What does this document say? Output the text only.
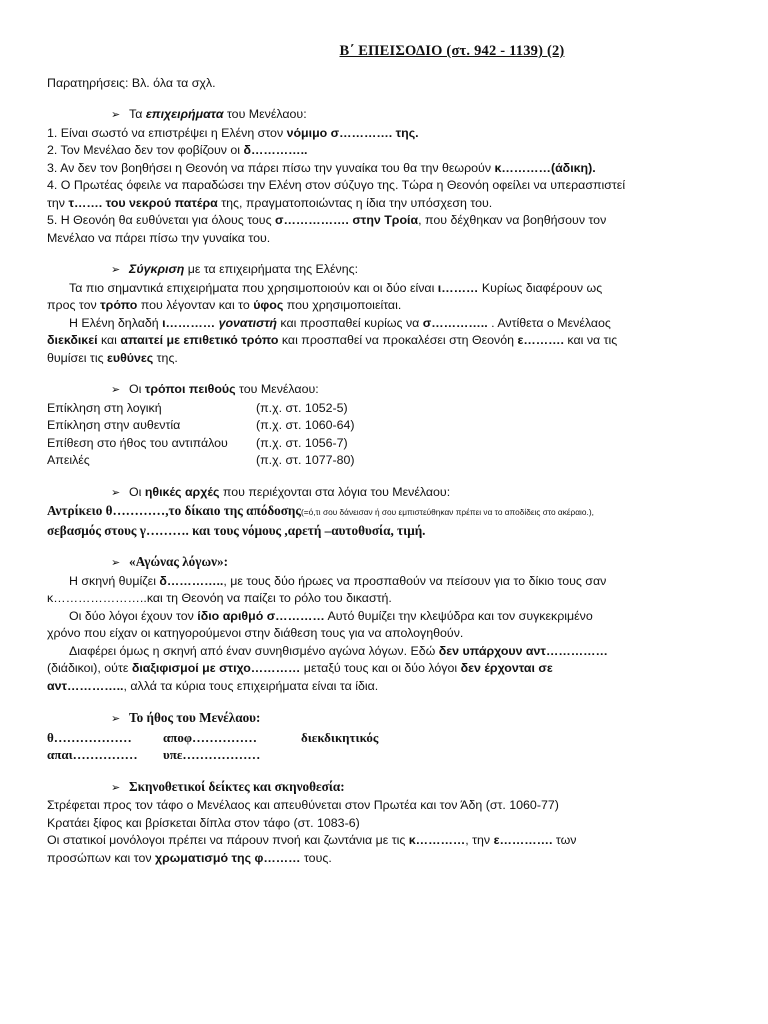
Β΄ ΕΠΕΙΣΟΔΙΟ (στ. 942 - 1139) (2)
Παρατηρήσεις: Βλ. όλα τα σχλ.
➢ Τα επιχειρήματα του Μενέλαου:
1. Είναι σωστό να επιστρέψει η Ελένη στον νόμιμο σ…………. της.
2. Τον Μενέλαο δεν τον φοβίζουν οι δ…………..
3. Αν δεν τον βοηθήσει η Θεονόη να πάρει πίσω την γυναίκα του θα την θεωρούν κ…………(άδικη).
4. Ο Πρωτέας όφειλε να παραδώσει την Ελένη στον σύζυγο της. Τώρα η Θεονόη οφείλει να υπερασπιστεί
την τ……. του νεκρού πατέρα της, πραγματοποιώντας η ίδια την υπόσχεση του.
5. Η Θεονόη θα ευθύνεται για όλους τους σ……………. στην Τροία, που δέχθηκαν να βοηθήσουν τον
Μενέλαο να πάρει πίσω την γυναίκα του.
➢ Σύγκριση με τα επιχειρήματα της Ελένης:
Τα πιο σημαντικά επιχειρήματα που χρησιμοποιούν και οι δύο είναι ι……… Κυρίως διαφέρουν ως
προς τον τρόπο που λέγονταν και το ύφος που χρησιμοποιείται.
Η Ελένη δηλαδή ι………… γονατιστή και προσπαθεί κυρίως να σ………….. . Αντίθετα ο Μενέλαος
διεκδικεί και απαιτεί με επιθετικό τρόπο και προσπαθεί να προκαλέσει στη Θεονόη ε………. και να τις
θυμίσει τις ευθύνες της.
➢ Οι τρόποι πειθούς του Μενέλαου:
Επίκληση στη λογική	(π.χ. στ. 1052-5)
Επίκληση στην αυθεντία	(π.χ. στ. 1060-64)
Επίθεση στο ήθος του αντιπάλου	(π.χ. στ. 1056-7)
Απειλές	(π.χ. στ. 1077-80)
➢ Οι ηθικές αρχές που περιέχονται στα λόγια του Μενέλαου:
Αντρίκειο θ…………,το δίκαιο της απόδοσης(=ό,τι σου δάνεισαν ή σου εμπιστεύθηκαν πρέπει να το αποδίδεις στο ακέραιο.),
σεβασμός στους γ………. και τους νόμους ,αρετή –αυτοθυσία, τιμή.
➢ «Αγώνας λόγων»:
Η σκηνή θυμίζει δ………….., με τους δύο ήρωες να προσπαθούν να πείσουν για το δίκιο τους σαν
κ…………………..και τη Θεονόη να παίζει το ρόλο του δικαστή.
Οι δύο λόγοι έχουν τον ίδιο αριθμό σ………… Αυτό θυμίζει την κλεψύδρα και τον συγκεκριμένο
χρόνο που είχαν οι κατηγορούμενοι στην διάθεση τους για να απολογηθούν.
Διαφέρει όμως η σκηνή από έναν συνηθισμένο αγώνα λόγων. Εδώ δεν υπάρχουν αντ……………
(διάδικοι), ούτε διαξιφισμοί με στιχο………… μεταξύ τους και οι δύο λόγοι δεν έρχονται σε
αντ………….., αλλά τα κύρια τους επιχειρήματα είναι τα ίδια.
➢ Το ήθος του Μενέλαου:
θ………………	αποφ……………	διεκδικητικός
απαι……………	υπε………………
➢ Σκηνοθετικοί δείκτες και σκηνοθεσία:
Στρέφεται προς τον τάφο ο Μενέλαος και απευθύνεται στον Πρωτέα και τον Άδη (στ. 1060-77)
Κρατάει ξίφος και βρίσκεται δίπλα στον τάφο (στ. 1083-6)
Οι στατικοί μονόλογοι πρέπει να πάρουν πνοή και ζωντάνια με τις κ…………, την ε…………. των
προσώπων και τον χρωματισμό της φ……… τους.
